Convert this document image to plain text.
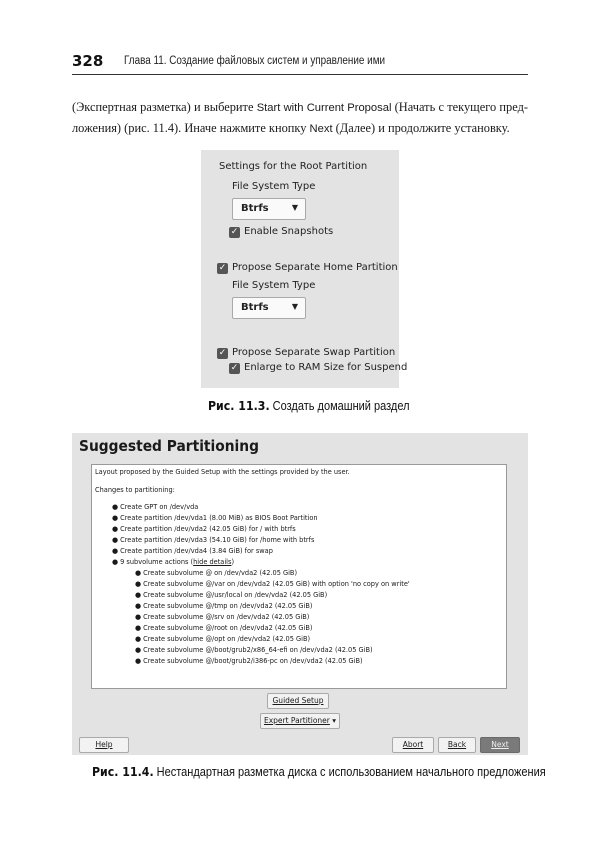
328 Глава 11. Создание файловых систем и управление ими
(Экспертная разметка) и выберите Start with Current Proposal (Начать с текущего пред- ложения) (рис. 11.4). Иначе нажмите кнопку Next (Далее) и продолжите установку.
Settings for the Root Partition
File System Type
Btrfs	▼
✓ Enable Snapshots
✓ Propose Separate Home Partition
File System Type
Btrfs	▼
✓ Propose Separate Swap Partition
✓ Enlarge to RAM Size for Suspend
Рис. 11.3. Создать домашний раздел
Suggested Partitioning
Layout proposed by the Guided Setup with the settings provided by the user.
Changes to partitioning:
● Create GPT on /dev/vda
● Create partition /dev/vda1 (8.00 MiB) as BIOS Boot Partition
● Create partition /dev/vda2 (42.05 GiB) for / with btrfs
● Create partition /dev/vda3 (54.10 GiB) for /home with btrfs
● Create partition /dev/vda4 (3.84 GiB) for swap
● 9 subvolume actions (hide details)
● Create subvolume @ on /dev/vda2 (42.05 GiB)
● Create subvolume @/var on /dev/vda2 (42.05 GiB) with option 'no copy on write'
● Create subvolume @/usr/local on /dev/vda2 (42.05 GiB)
● Create subvolume @/tmp on /dev/vda2 (42.05 GiB)
● Create subvolume @/srv on /dev/vda2 (42.05 GiB)
● Create subvolume @/root on /dev/vda2 (42.05 GiB)
● Create subvolume @/opt on /dev/vda2 (42.05 GiB)
● Create subvolume @/boot/grub2/x86_64-efi on /dev/vda2 (42.05 GiB)
● Create subvolume @/boot/grub2/i386-pc on /dev/vda2 (42.05 GiB)
Guided Setup
Expert Partitioner ▾
Help	Abort	Back	Next
Рис. 11.4. Нестандартная разметка диска с использованием начального предложения
